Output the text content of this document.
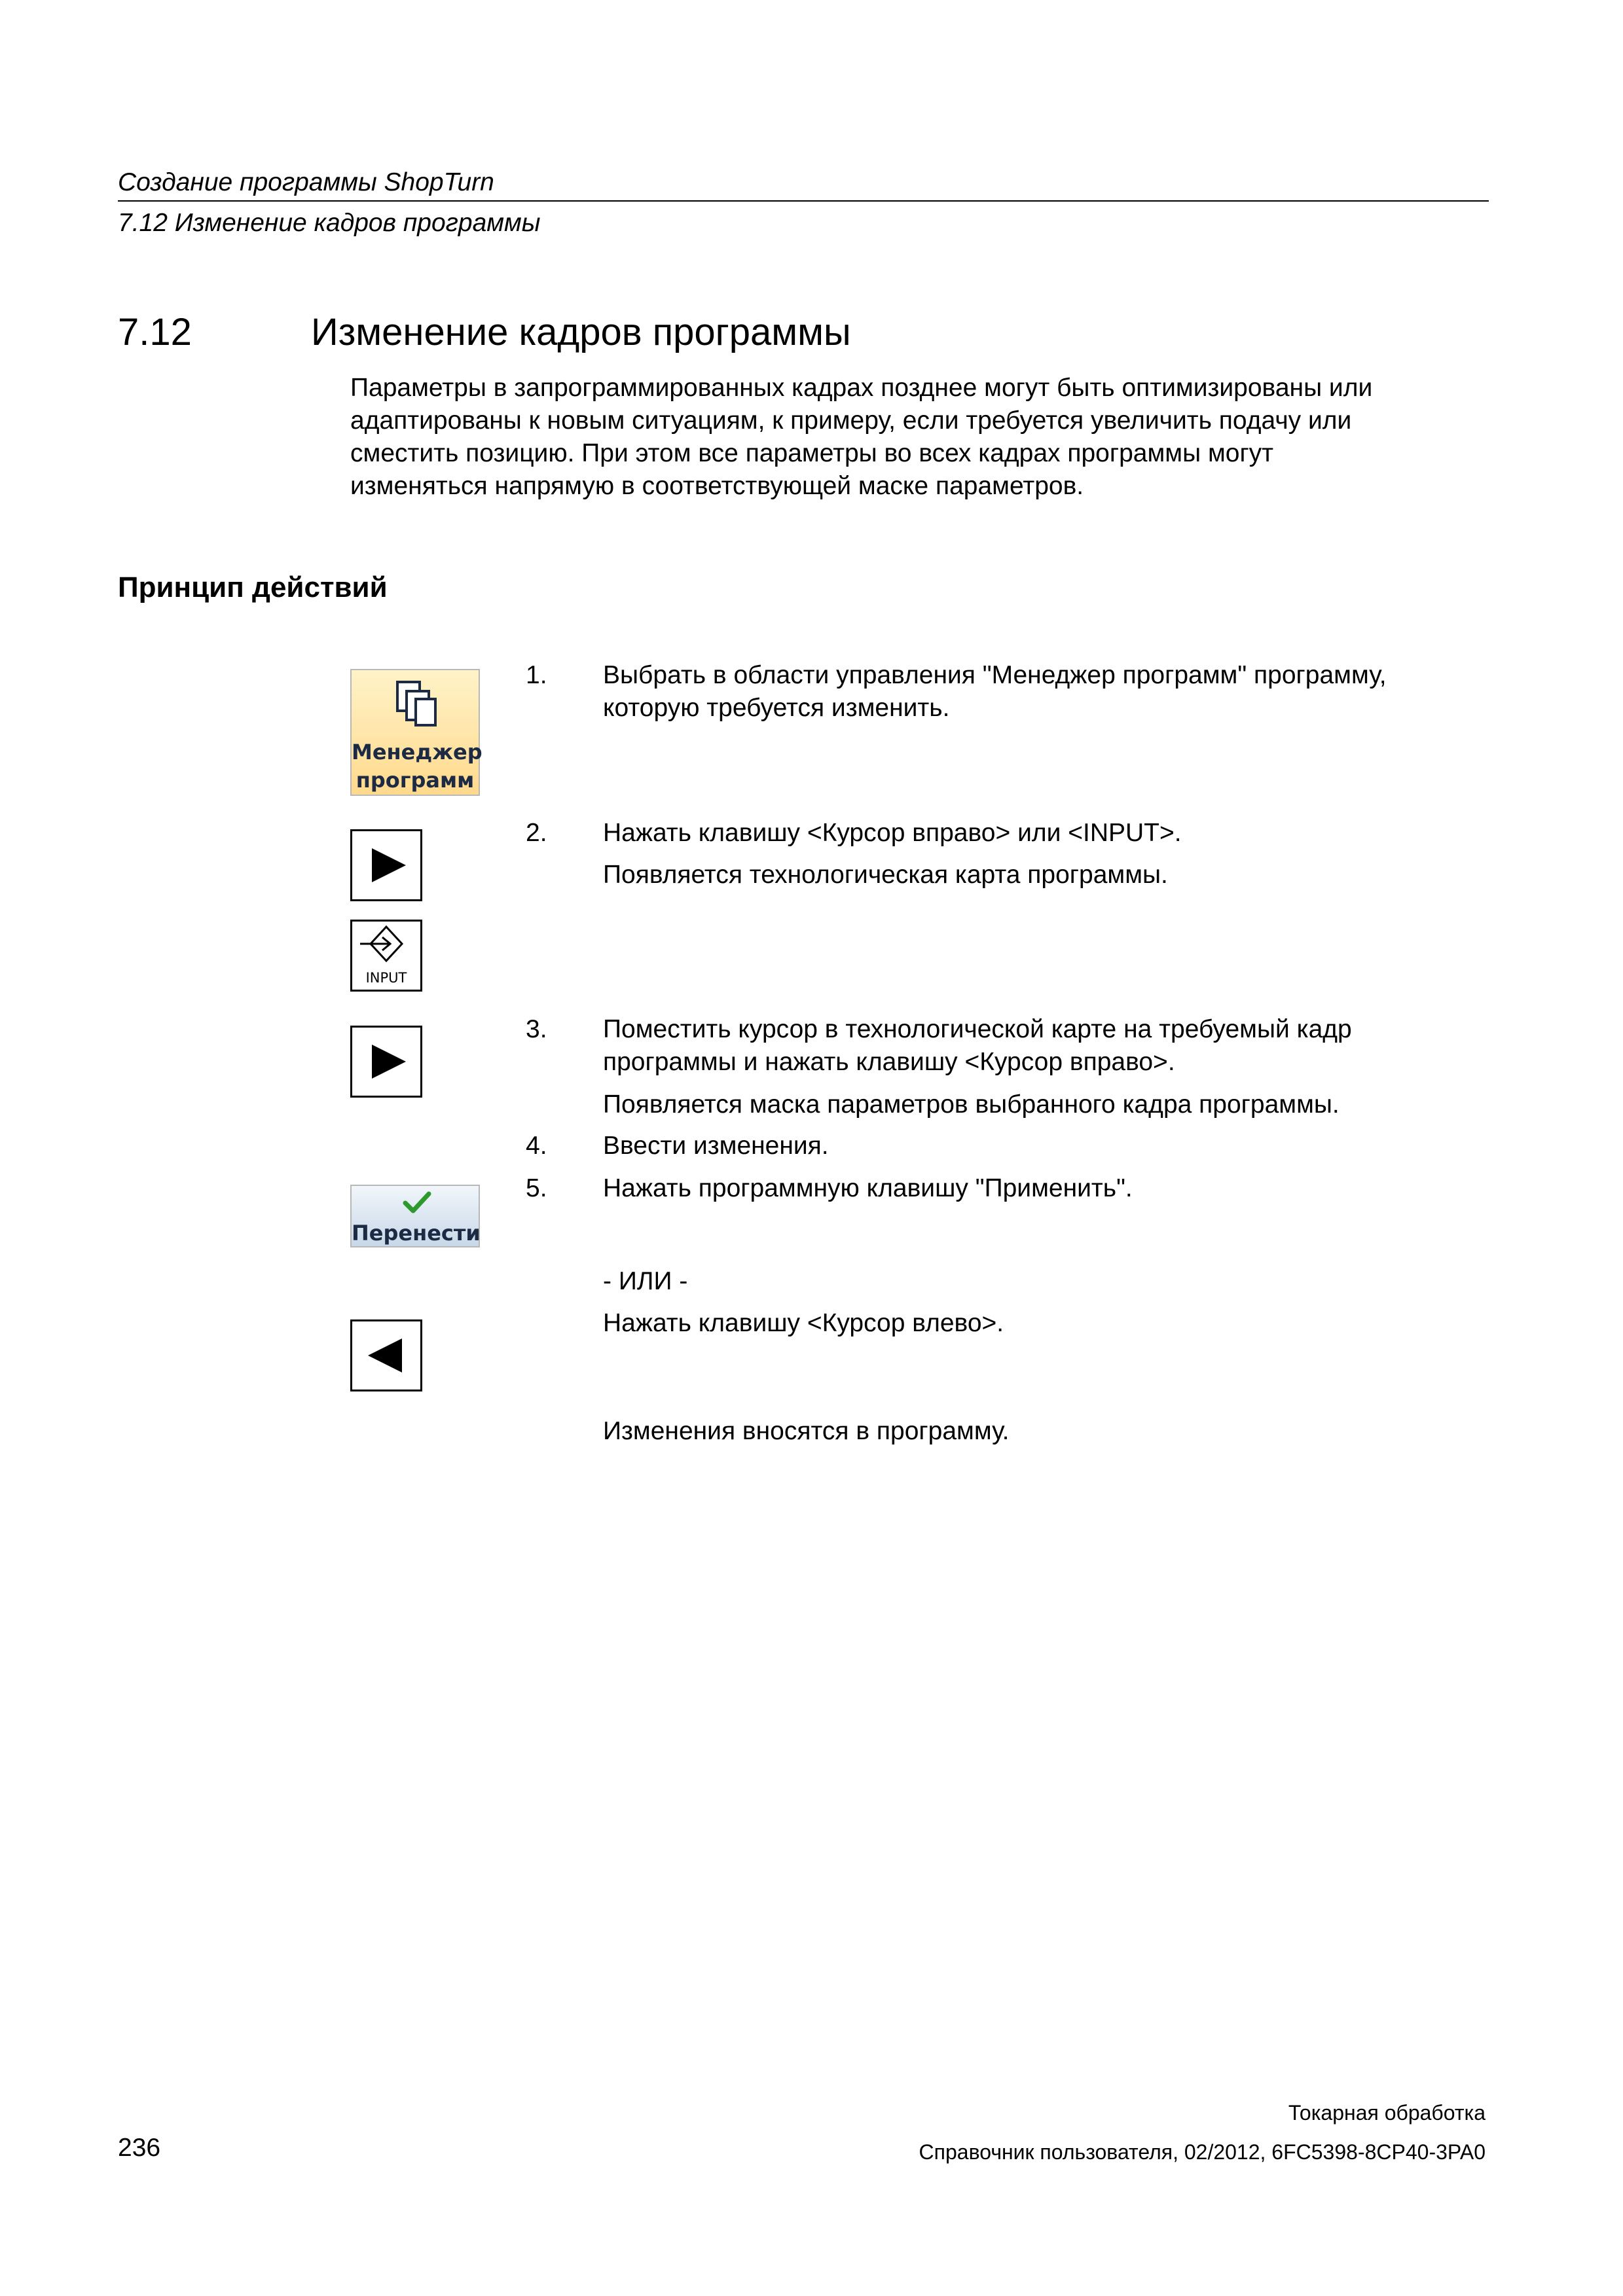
Создание программы ShopTurn
7.12 Изменение кадров программы
7.12	Изменение кадров программы
Параметры в запрограммированных кадрах позднее могут быть оптимизированы или
адаптированы к новым ситуациям, к примеру, если требуется увеличить подачу или
сместить позицию. При этом все параметры во всех кадрах программы могут
изменяться напрямую в соответствующей маске параметров.
Принцип действий
Менеджер
программ
1. Выбрать в области управления "Менеджер программ" программу,
которую требуется изменить.
INPUT
2. Нажать клавишу <Курсор вправо> или <INPUT>.
Появляется технологическая карта программы.
3. Поместить курсор в технологической карте на требуемый кадр
программы и нажать клавишу <Курсор вправо>.
Появляется маска параметров выбранного кадра программы.
4. Ввести изменения.
Перенести
5. Нажать программную клавишу "Применить".
- ИЛИ -
Нажать клавишу <Курсор влево>.
Изменения вносятся в программу.
Токарная обработка
236	Справочник пользователя, 02/2012, 6FC5398-8CP40-3PA0
